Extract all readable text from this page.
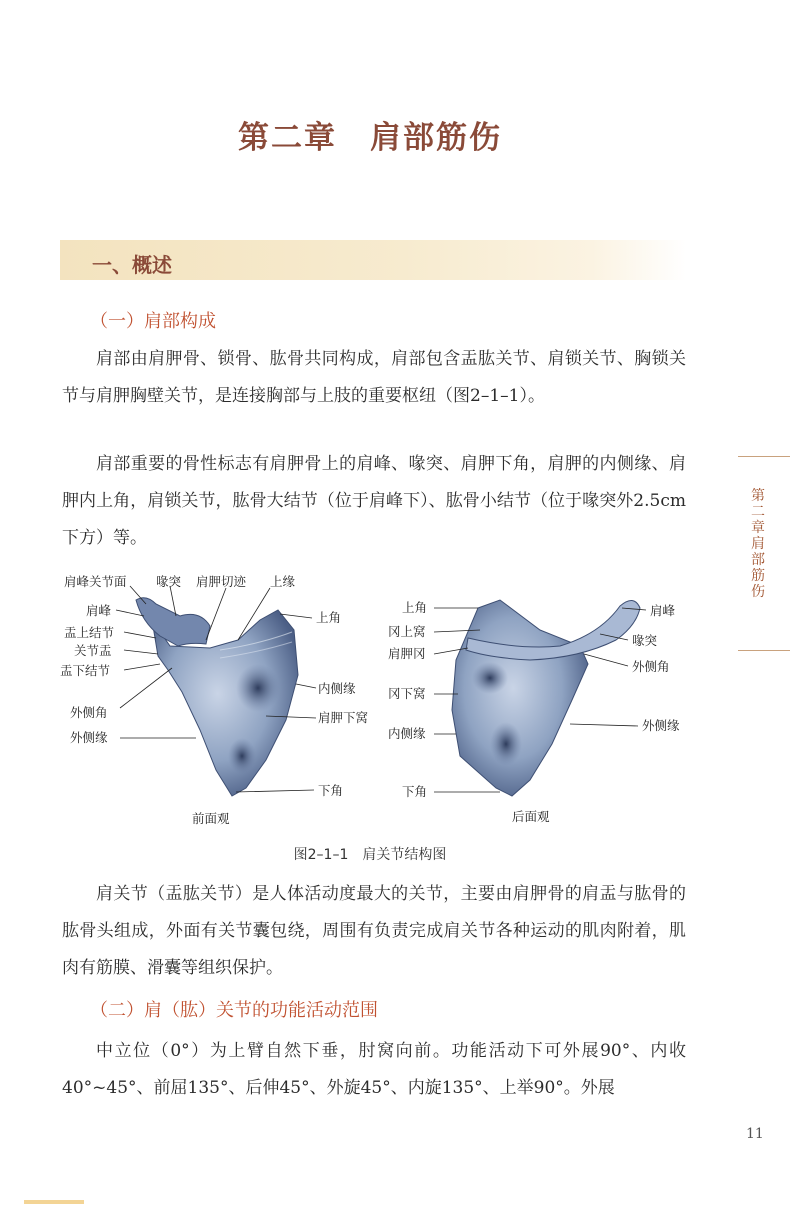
第二章　肩部筋伤
一、概述
（一）肩部构成

肩部由肩胛骨、锁骨、肱骨共同构成，肩部包含盂肱关节、肩锁关节、胸锁关节与肩胛胸壁关节，是连接胸部与上肢的重要枢纽（图2–1–1）。

肩部重要的骨性标志有肩胛骨上的肩峰、喙突、肩胛下角，肩胛的内侧缘、肩胛内上角，肩锁关节，肱骨大结节（位于肩峰下）、肱骨小结节（位于喙突外2.5cm下方）等。

肩峰关节面 喙突 肩胛切迹 上缘
肩峰
盂上结节
关节盂
盂下结节
外侧角
外侧缘
上角
内侧缘
肩胛下窝
下角
前面观
上角
冈上窝
肩胛冈
冈下窝
内侧缘
下角
肩峰
喙突
外侧角
外侧缘
后面观
图2–1–1　肩关节结构图

肩关节（盂肱关节）是人体活动度最大的关节，主要由肩胛骨的肩盂与肱骨的肱骨头组成，外面有关节囊包绕，周围有负责完成肩关节各种运动的肌肉附着，肌肉有筋膜、滑囊等组织保护。

（二）肩（肱）关节的功能活动范围

中立位（0°）为上臂自然下垂，肘窝向前。功能活动下可外展90°、内收40°~45°、前屈135°、后伸45°、外旋45°、内旋135°、上举90°。外展

第二章　肩部筋伤
11
